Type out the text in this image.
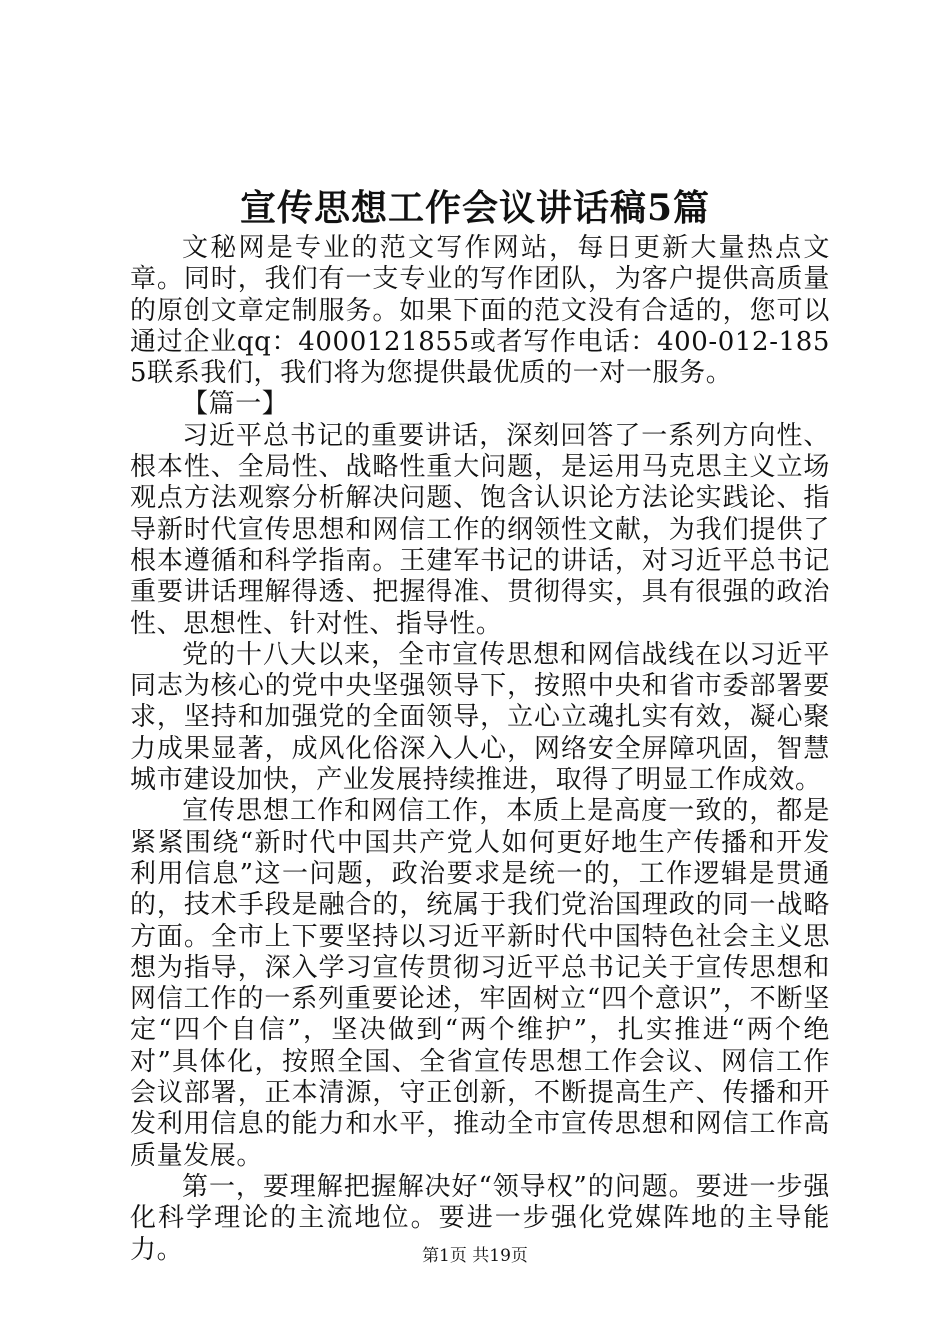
宣传思想工作会议讲话稿5篇

文秘网是专业的范文写作网站，每日更新大量热点文章。同时，我们有一支专业的写作团队，为客户提供高质量的原创文章定制服务。如果下面的范文没有合适的，您可以通过企业qq：4000121855或者写作电话：400-012-1855联系我们，我们将为您提供最优质的一对一服务。

【篇一】

习近平总书记的重要讲话，深刻回答了一系列方向性、根本性、全局性、战略性重大问题，是运用马克思主义立场观点方法观察分析解决问题、饱含认识论方法论实践论、指导新时代宣传思想和网信工作的纲领性文献，为我们提供了根本遵循和科学指南。王建军书记的讲话，对习近平总书记重要讲话理解得透、把握得准、贯彻得实，具有很强的政治性、思想性、针对性、指导性。

党的十八大以来，全市宣传思想和网信战线在以习近平同志为核心的党中央坚强领导下，按照中央和省市委部署要求，坚持和加强党的全面领导，立心立魂扎实有效，凝心聚力成果显著，成风化俗深入人心，网络安全屏障巩固，智慧城市建设加快，产业发展持续推进，取得了明显工作成效。

宣传思想工作和网信工作，本质上是高度一致的，都是紧紧围绕“新时代中国共产党人如何更好地生产传播和开发利用信息”这一问题，政治要求是统一的，工作逻辑是贯通的，技术手段是融合的，统属于我们党治国理政的同一战略方面。全市上下要坚持以习近平新时代中国特色社会主义思想为指导，深入学习宣传贯彻习近平总书记关于宣传思想和网信工作的一系列重要论述，牢固树立“四个意识”，不断坚定“四个自信”，坚决做到“两个维护”，扎实推进“两个绝对”具体化，按照全国、全省宣传思想工作会议、网信工作会议部署，正本清源，守正创新，不断提高生产、传播和开发利用信息的能力和水平，推动全市宣传思想和网信工作高质量发展。

第一，要理解把握解决好“领导权”的问题。要进一步强化科学理论的主流地位。要进一步强化党媒阵地的主导能力。	第1页 共19页
